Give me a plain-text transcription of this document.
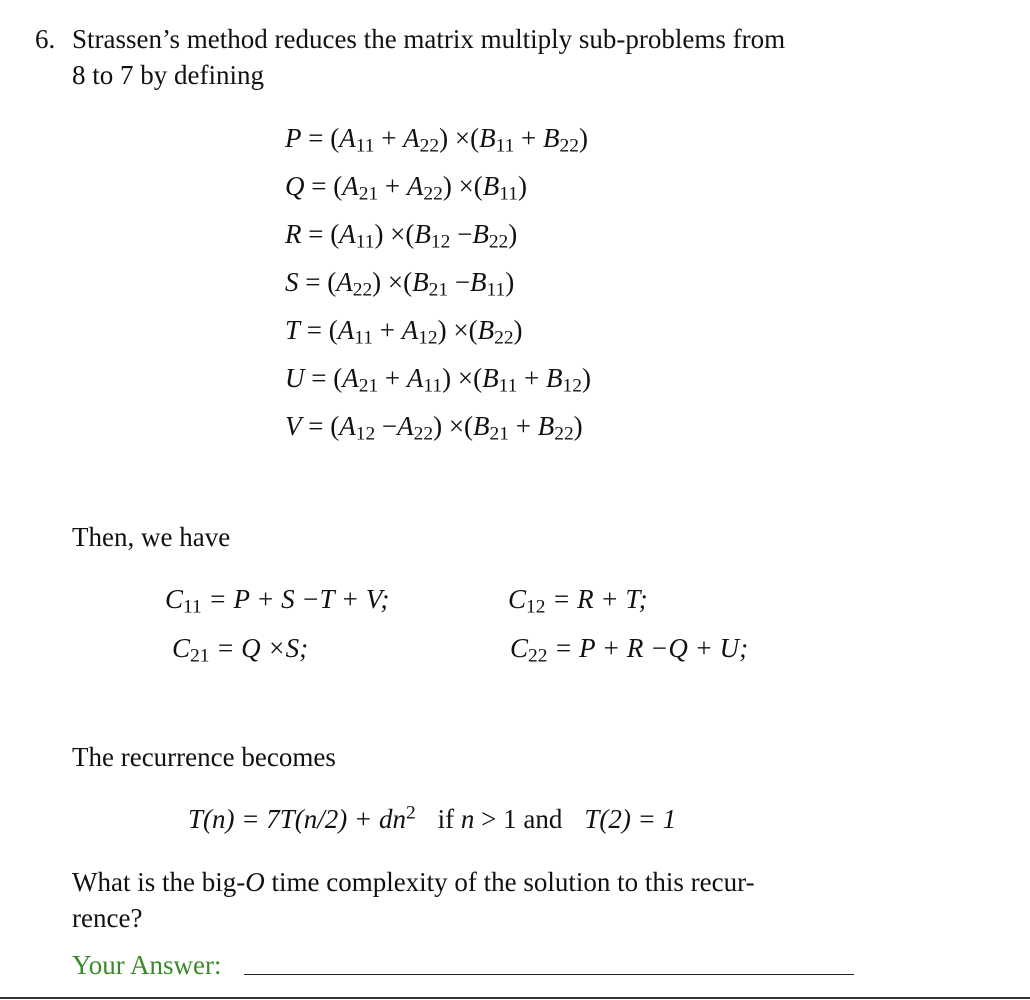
6. Strassen’s method reduces the matrix multiply sub-problems from
8 to 7 by defining
$P = (A_{11} + A_{22}) \times(B_{11} + B_{22})$
$Q = (A_{21} + A_{22}) \times(B_{11})$
$R = (A_{11}) \times(B_{12} -B_{22})$
$S = (A_{22}) \times(B_{21} -B_{11})$
$T = (A_{11} + A_{12}) \times(B_{22})$
$U = (A_{21} + A_{11}) \times(B_{11} + B_{12})$
$V = (A_{12} -A_{22}) \times(B_{21} + B_{22})$
Then, we have
$C_{11} = P + S -T + V$;	$C_{12} = R + T$;
$C_{21} = Q \times S$;	$C_{22} = P + R -Q + U$;
The recurrence becomes
$T(n) = 7T(n/2) + dn^2$ if n > 1 and T(2) = 1
What is the big-O time complexity of the solution to this recur-
rence?
Your Answer:
